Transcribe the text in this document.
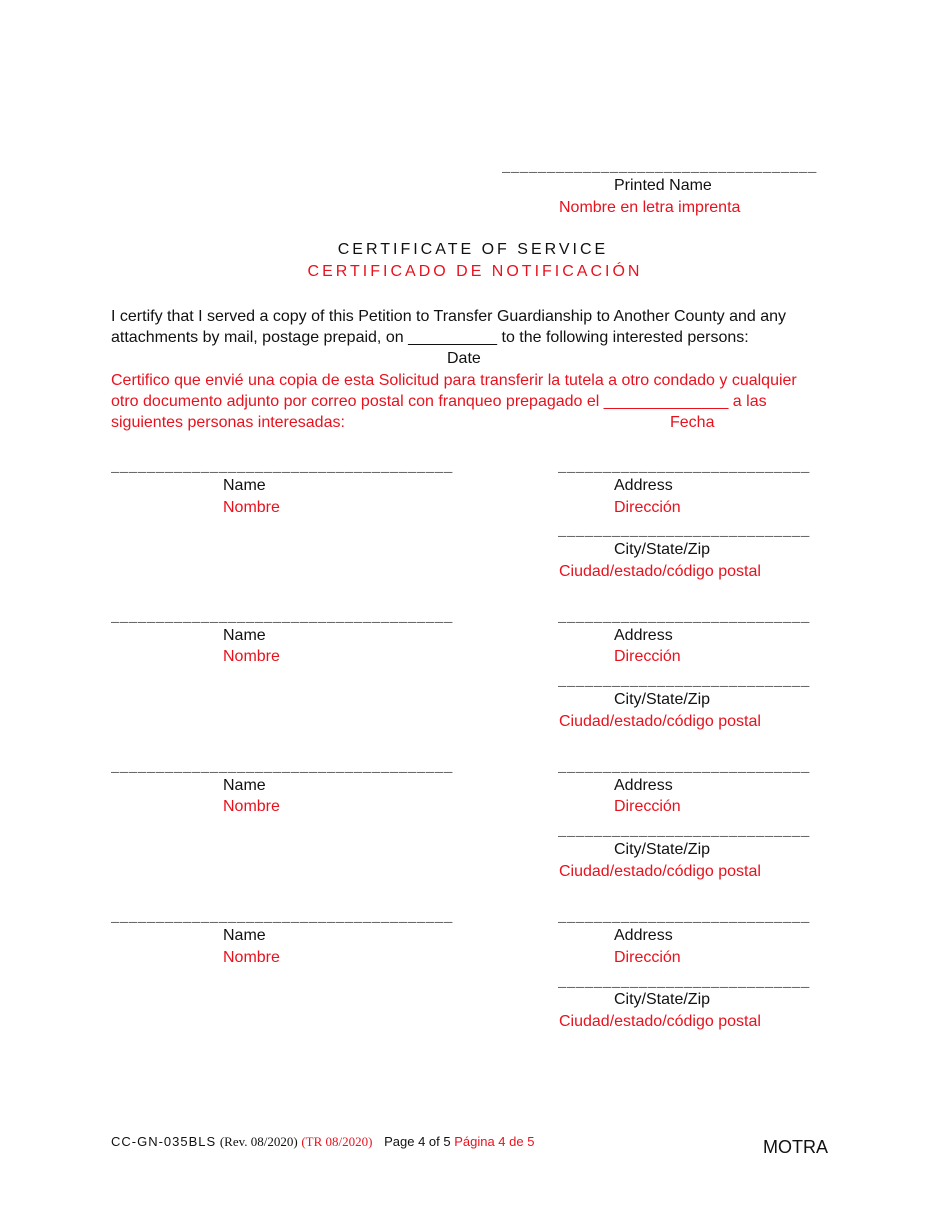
___________________________________
Printed Name
Nombre en letra imprenta
CERTIFICATE OF SERVICE
CERTIFICADO DE NOTIFICACIÓN
I certify that I served a copy of this Petition to Transfer Guardianship to Another County and any
attachments by mail, postage prepaid, on __________ to the following interested persons:
Date
Certifico que envié una copia de esta Solicitud para transferir la tutela a otro condado y cualquier
otro documento adjunto por correo postal con franqueo prepagado el ______________ a las
siguientes personas interesadas:	Fecha
______________________________________
Name
Nombre
____________________________
Address
Dirección
____________________________
City/State/Zip
Ciudad/estado/código postal
______________________________________
Name
Nombre
____________________________
Address
Dirección
____________________________
City/State/Zip
Ciudad/estado/código postal
______________________________________
Name
Nombre
____________________________
Address
Dirección
____________________________
City/State/Zip
Ciudad/estado/código postal
______________________________________
Name
Nombre
____________________________
Address
Dirección
____________________________
City/State/Zip
Ciudad/estado/código postal
CC-GN-035BLS (Rev. 08/2020) (TR 08/2020) Page 4 of 5 Página 4 de 5	MOTRA
